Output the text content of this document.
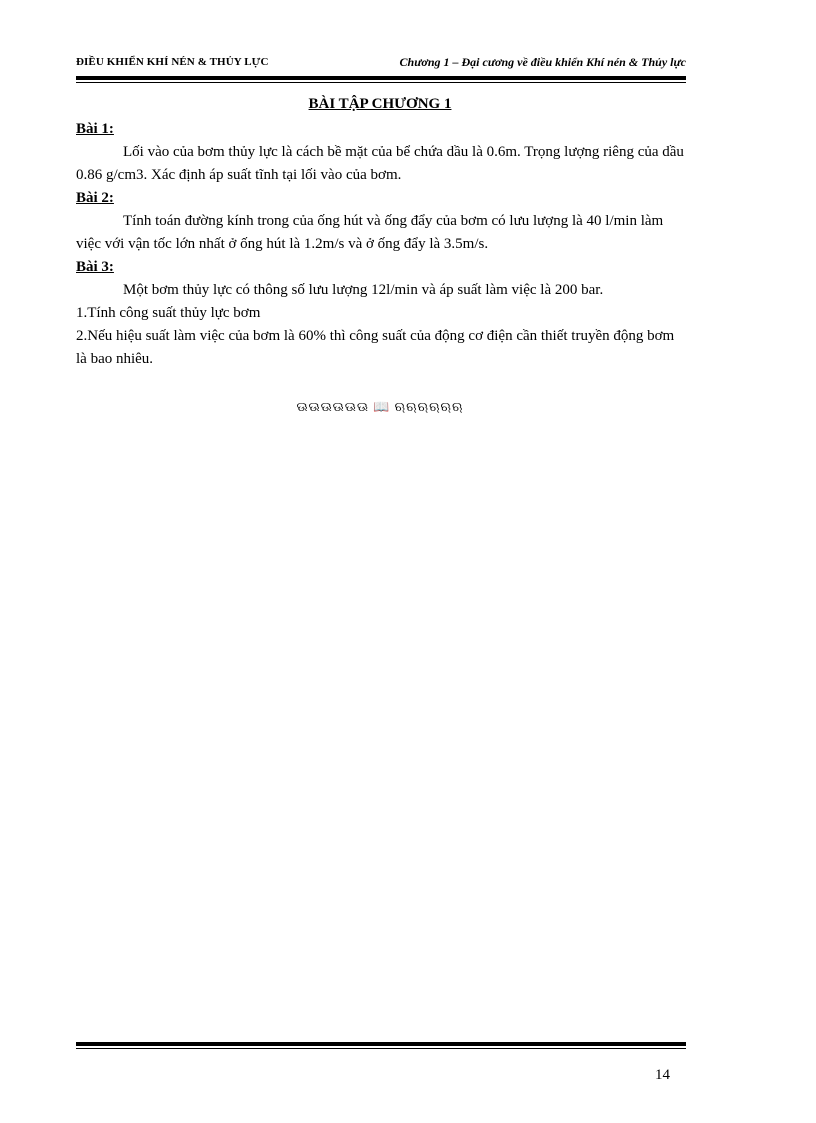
ĐIỀU KHIỂN KHÍ NÉN & THỦY LỰC	Chương 1 – Đại cương về điều khiển Khí nén & Thủy lực
BÀI TẬP CHƯƠNG 1

Bài 1:

Lối vào của bơm thủy lực là cách bề mặt của bể chứa dầu là 0.6m. Trọng lượng riêng của dầu 0.86 g/cm3. Xác định áp suất tĩnh tại lối vào của bơm.

Bài 2:

Tính toán đường kính trong của ống hút và ống đẩy của bơm có lưu lượng là 40 l/min làm việc với vận tốc lớn nhất ở ống hút là 1.2m/s và ở ống đẩy là 3.5m/s.

Bài 3:

Một bơm thủy lực có thông số lưu lượng 12l/min và áp suất làm việc là 200 bar.

1.Tính công suất thủy lực bơm

2.Nếu hiệu suất làm việc của bơm là 60% thì công suất của động cơ điện cần thiết truyền động bơm là bao nhiêu.

ଊଊଊଊଊଊ 📖 ଋଋଋଋଋଋ
14
